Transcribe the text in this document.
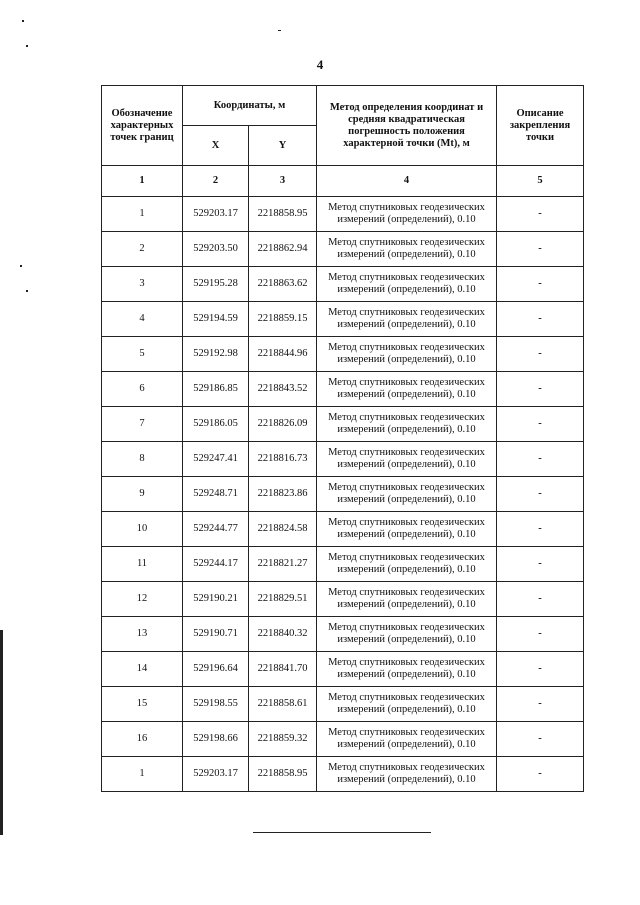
4
Обозначение характерных точек границ	Координаты, м		Метод определения координат и средняя квадратическая погрешность положения характерной точки (Mt), м	Описание закрепления точки
	X	Y		
1	2	3	4	5
1	529203.17	2218858.95	Метод спутниковых геодезических измерений (определений), 0.10	-
2	529203.50	2218862.94	Метод спутниковых геодезических измерений (определений), 0.10	-
3	529195.28	2218863.62	Метод спутниковых геодезических измерений (определений), 0.10	-
4	529194.59	2218859.15	Метод спутниковых геодезических измерений (определений), 0.10	-
5	529192.98	2218844.96	Метод спутниковых геодезических измерений (определений), 0.10	-
6	529186.85	2218843.52	Метод спутниковых геодезических измерений (определений), 0.10	-
7	529186.05	2218826.09	Метод спутниковых геодезических измерений (определений), 0.10	-
8	529247.41	2218816.73	Метод спутниковых геодезических измерений (определений), 0.10	-
9	529248.71	2218823.86	Метод спутниковых геодезических измерений (определений), 0.10	-
10	529244.77	2218824.58	Метод спутниковых геодезических измерений (определений), 0.10	-
11	529244.17	2218821.27	Метод спутниковых геодезических измерений (определений), 0.10	-
12	529190.21	2218829.51	Метод спутниковых геодезических измерений (определений), 0.10	-
13	529190.71	2218840.32	Метод спутниковых геодезических измерений (определений), 0.10	-
14	529196.64	2218841.70	Метод спутниковых геодезических измерений (определений), 0.10	-
15	529198.55	2218858.61	Метод спутниковых геодезических измерений (определений), 0.10	-
16	529198.66	2218859.32	Метод спутниковых геодезических измерений (определений), 0.10	-
1	529203.17	2218858.95	Метод спутниковых геодезических измерений (определений), 0.10	-
